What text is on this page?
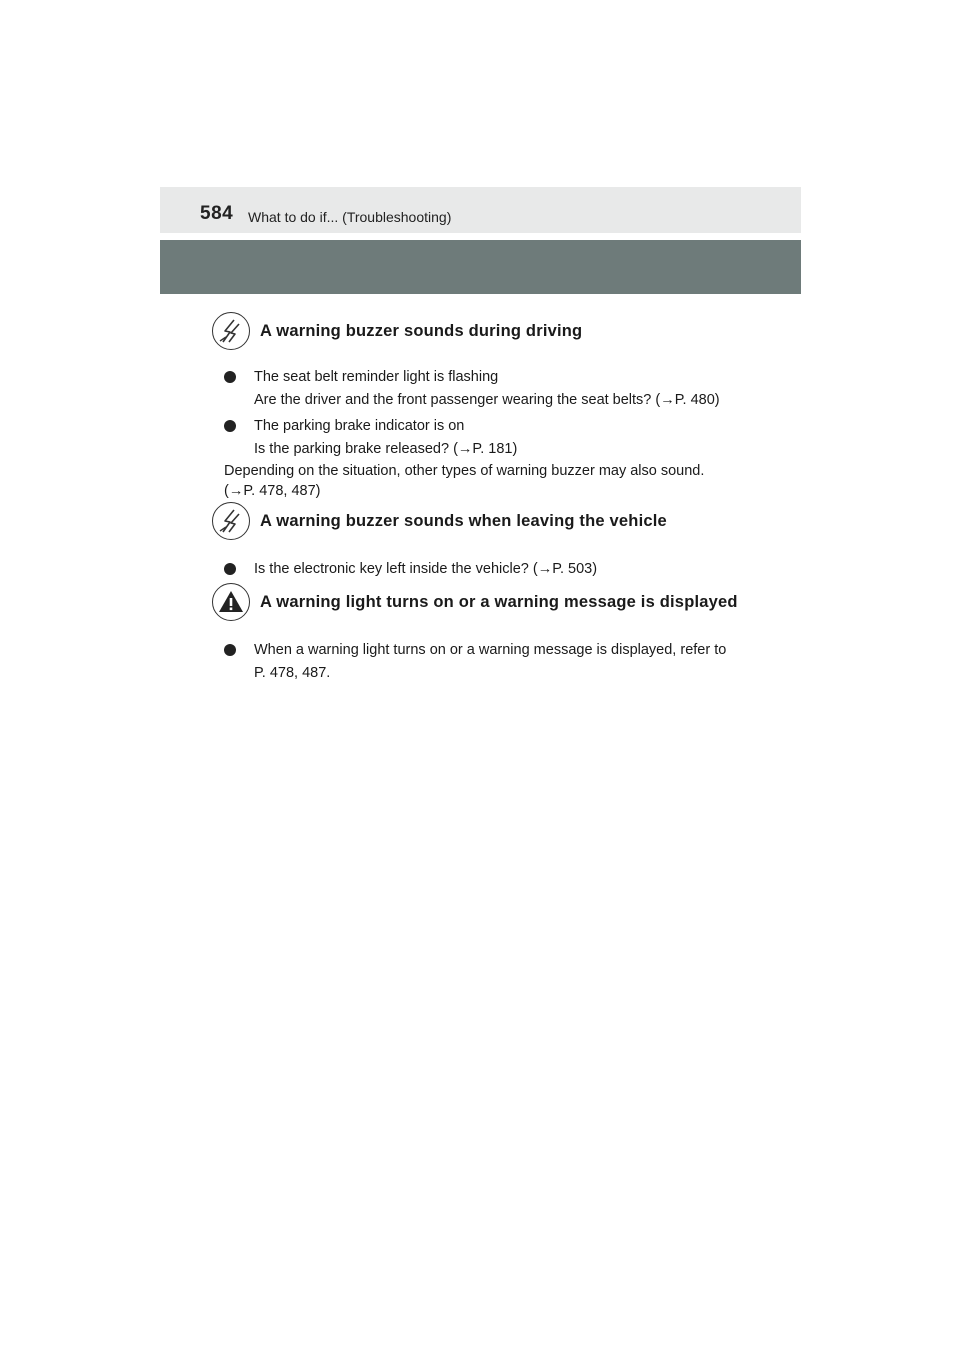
584 What to do if... (Troubleshooting)
A warning buzzer sounds during driving
The seat belt reminder light is flashing
Are the driver and the front passenger wearing the seat belts? (→P. 480)
The parking brake indicator is on
Is the parking brake released? (→P. 181)
Depending on the situation, other types of warning buzzer may also sound.
(→P. 478, 487)
A warning buzzer sounds when leaving the vehicle
Is the electronic key left inside the vehicle? (→P. 503)
A warning light turns on or a warning message is displayed
When a warning light turns on or a warning message is displayed, refer to
P. 478, 487.
